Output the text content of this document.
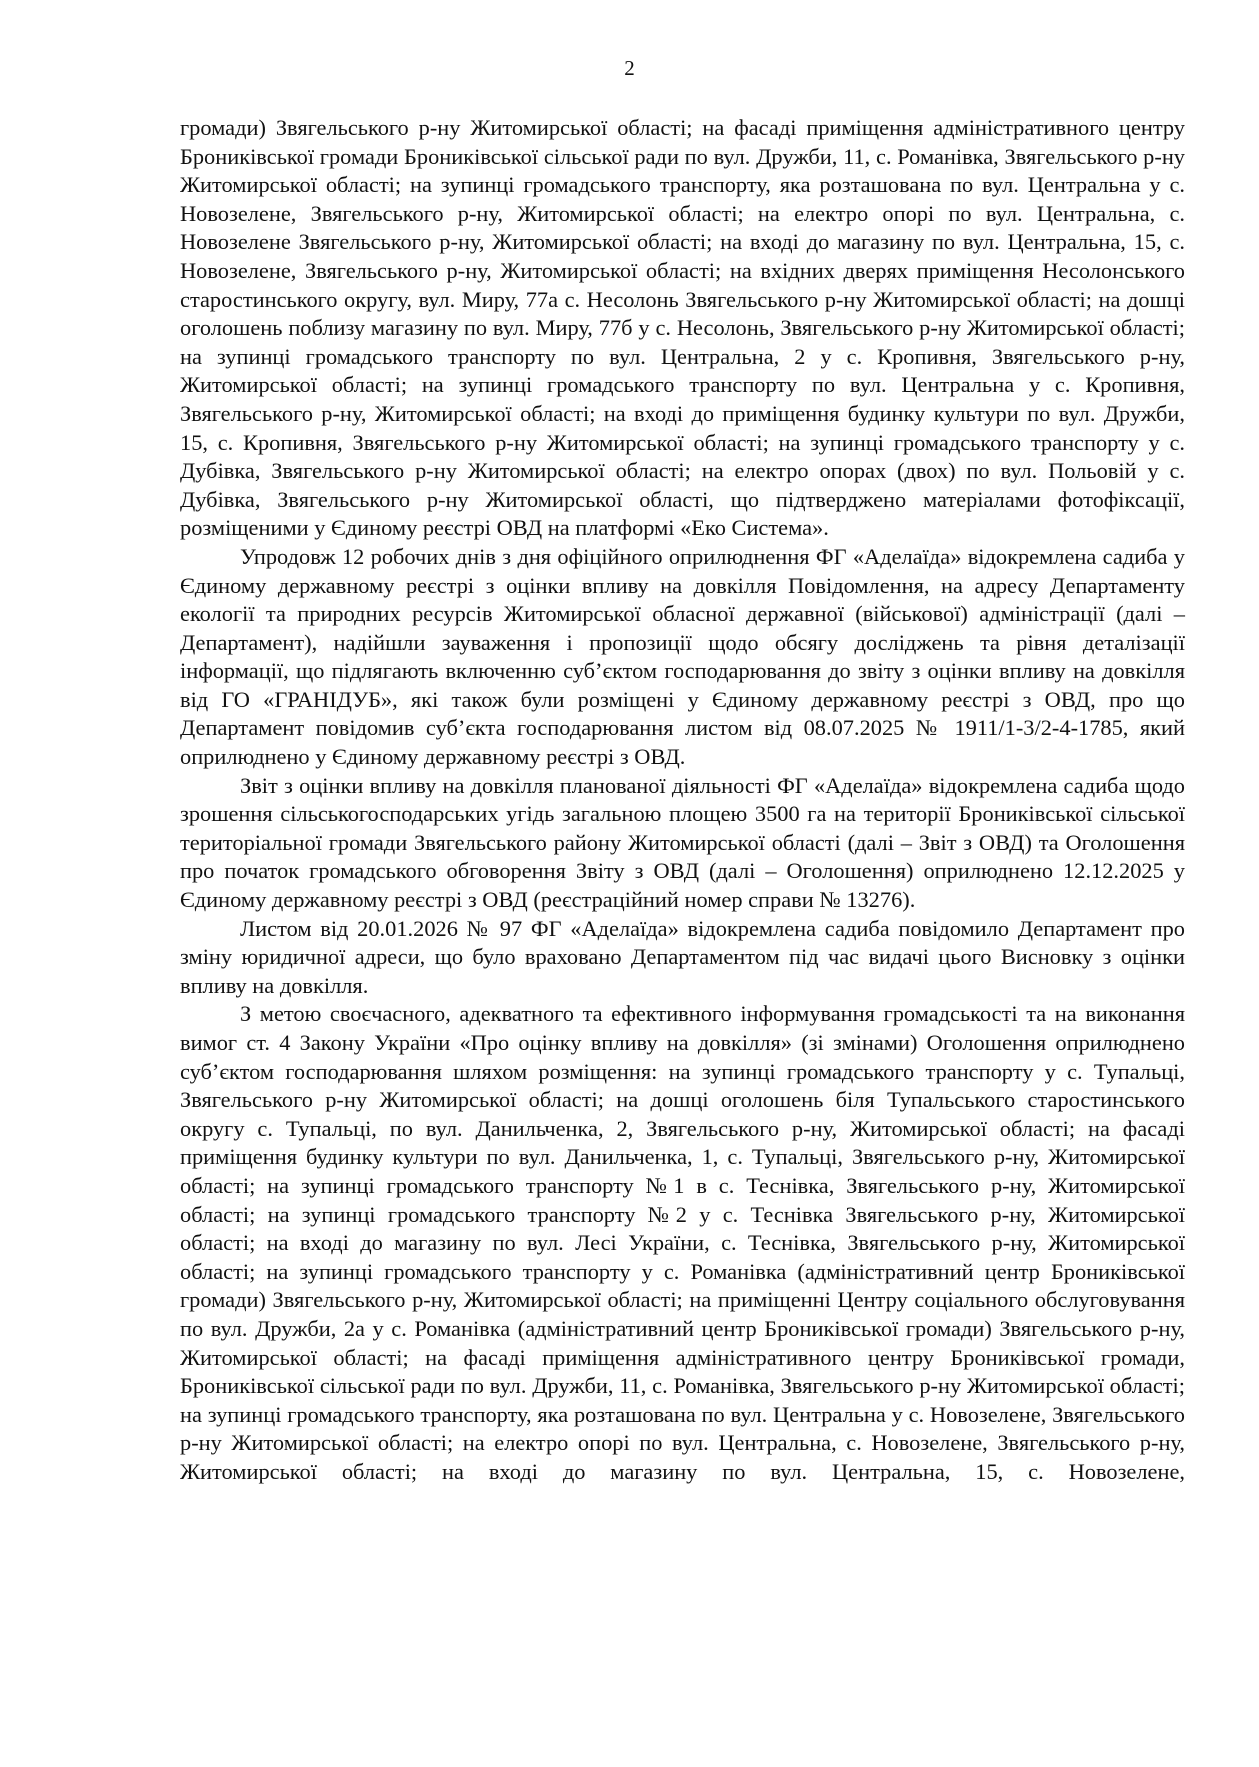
2

громади) Звягельського р-ну Житомирської області; на фасаді приміщення адміністративного центру Брониківської громади Брониківської сільської ради по вул. Дружби, 11, с. Романівка, Звягельського р-ну Житомирської області; на зупинці громадського транспорту, яка розташована по вул. Центральна у с. Новозелене, Звягельського р-ну, Житомирської області; на електро опорі по вул. Центральна, с. Новозелене Звягельського р-ну, Житомирської області; на вході до магазину по вул. Центральна, 15, с. Новозелене, Звягельського р-ну, Житомирської області; на вхідних дверях приміщення Несолонського старостинського округу, вул. Миру, 77а с. Несолонь Звягельського р-ну Житомирської області; на дошці оголошень поблизу магазину по вул. Миру, 77б у с. Несолонь, Звягельського р-ну Житомирської області; на зупинці громадського транспорту по вул. Центральна, 2 у с. Кропивня, Звягельського р-ну, Житомирської області; на зупинці громадського транспорту по вул. Центральна у с. Кропивня, Звягельського р-ну, Житомирської області; на вході до приміщення будинку культури по вул. Дружби, 15, с. Кропивня, Звягельського р-ну Житомирської області; на зупинці громадського транспорту у с. Дубівка, Звягельського р-ну Житомирської області; на електро опорах (двох) по вул. Польовій у с. Дубівка, Звягельського р-ну Житомирської області, що підтверджено матеріалами фотофіксації, розміщеними у Єдиному реєстрі ОВД на платформі «Еко Система».

Упродовж 12 робочих днів з дня офіційного оприлюднення ФГ «Аделаїда» відокремлена садиба у Єдиному державному реєстрі з оцінки впливу на довкілля Повідомлення, на адресу Департаменту екології та природних ресурсів Житомирської обласної державної (військової) адміністрації (далі – Департамент), надійшли зауваження і пропозиції щодо обсягу досліджень та рівня деталізації інформації, що підлягають включенню суб’єктом господарювання до звіту з оцінки впливу на довкілля від ГО «ГРАНІДУБ», які також були розміщені у Єдиному державному реєстрі з ОВД, про що Департамент повідомив суб’єкта господарювання листом від 08.07.2025 № 1911/1-3/2-4-1785, який оприлюднено у Єдиному державному реєстрі з ОВД.

Звіт з оцінки впливу на довкілля планованої діяльності ФГ «Аделаїда» відокремлена садиба щодо зрошення сільськогосподарських угідь загальною площею 3500 га на території Брониківської сільської територіальної громади Звягельського району Житомирської області (далі – Звіт з ОВД) та Оголошення про початок громадського обговорення Звіту з ОВД (далі – Оголошення) оприлюднено 12.12.2025 у Єдиному державному реєстрі з ОВД (реєстраційний номер справи № 13276).

Листом від 20.01.2026 № 97 ФГ «Аделаїда» відокремлена садиба повідомило Департамент про зміну юридичної адреси, що було враховано Департаментом під час видачі цього Висновку з оцінки впливу на довкілля.

З метою своєчасного, адекватного та ефективного інформування громадськості та на виконання вимог ст. 4 Закону України «Про оцінку впливу на довкілля» (зі змінами) Оголошення оприлюднено суб’єктом господарювання шляхом розміщення: на зупинці громадського транспорту у с. Тупальці, Звягельського р-ну Житомирської області; на дошці оголошень біля Тупальського старостинського округу с. Тупальці, по вул. Данильченка, 2, Звягельського р-ну, Житомирської області; на фасаді приміщення будинку культури по вул. Данильченка, 1, с. Тупальці, Звягельського р-ну, Житомирської області; на зупинці громадського транспорту №1 в с. Теснівка, Звягельського р-ну, Житомирської області; на зупинці громадського транспорту №2 у с. Теснівка Звягельського р-ну, Житомирської області; на вході до магазину по вул. Лесі України, с. Теснівка, Звягельського р-ну, Житомирської області; на зупинці громадського транспорту у с. Романівка (адміністративний центр Брониківської громади) Звягельського р-ну, Житомирської області; на приміщенні Центру соціального обслуговування по вул. Дружби, 2а у с. Романівка (адміністративний центр Брониківської громади) Звягельського р-ну, Житомирської області; на фасаді приміщення адміністративного центру Брониківської громади, Брониківської сільської ради по вул. Дружби, 11, с. Романівка, Звягельського р-ну Житомирської області; на зупинці громадського транспорту, яка розташована по вул. Центральна у с. Новозелене, Звягельського р-ну Житомирської області; на електро опорі по вул. Центральна, с. Новозелене, Звягельського р-ну, Житомирської області; на вході до магазину по вул. Центральна, 15, с. Новозелене,
